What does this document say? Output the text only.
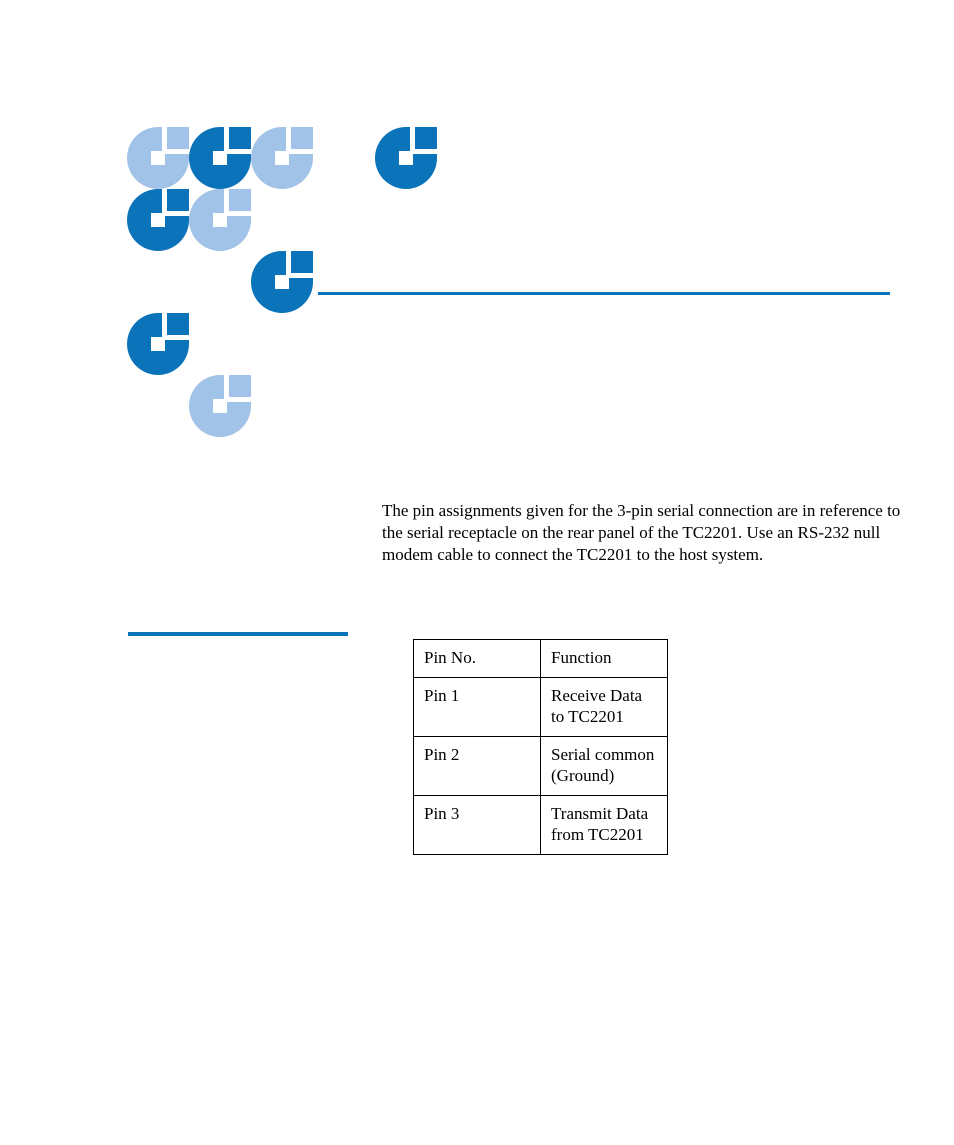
The pin assignments given for the 3-pin serial connection are in reference to the serial receptacle on the rear panel of the TC2201. Use an RS-232 null modem cable to connect the TC2201 to the host system.

Pin No.	Function
Pin 1	Receive Data to TC2201
Pin 2	Serial common (Ground)
Pin 3	Transmit Data from TC2201
